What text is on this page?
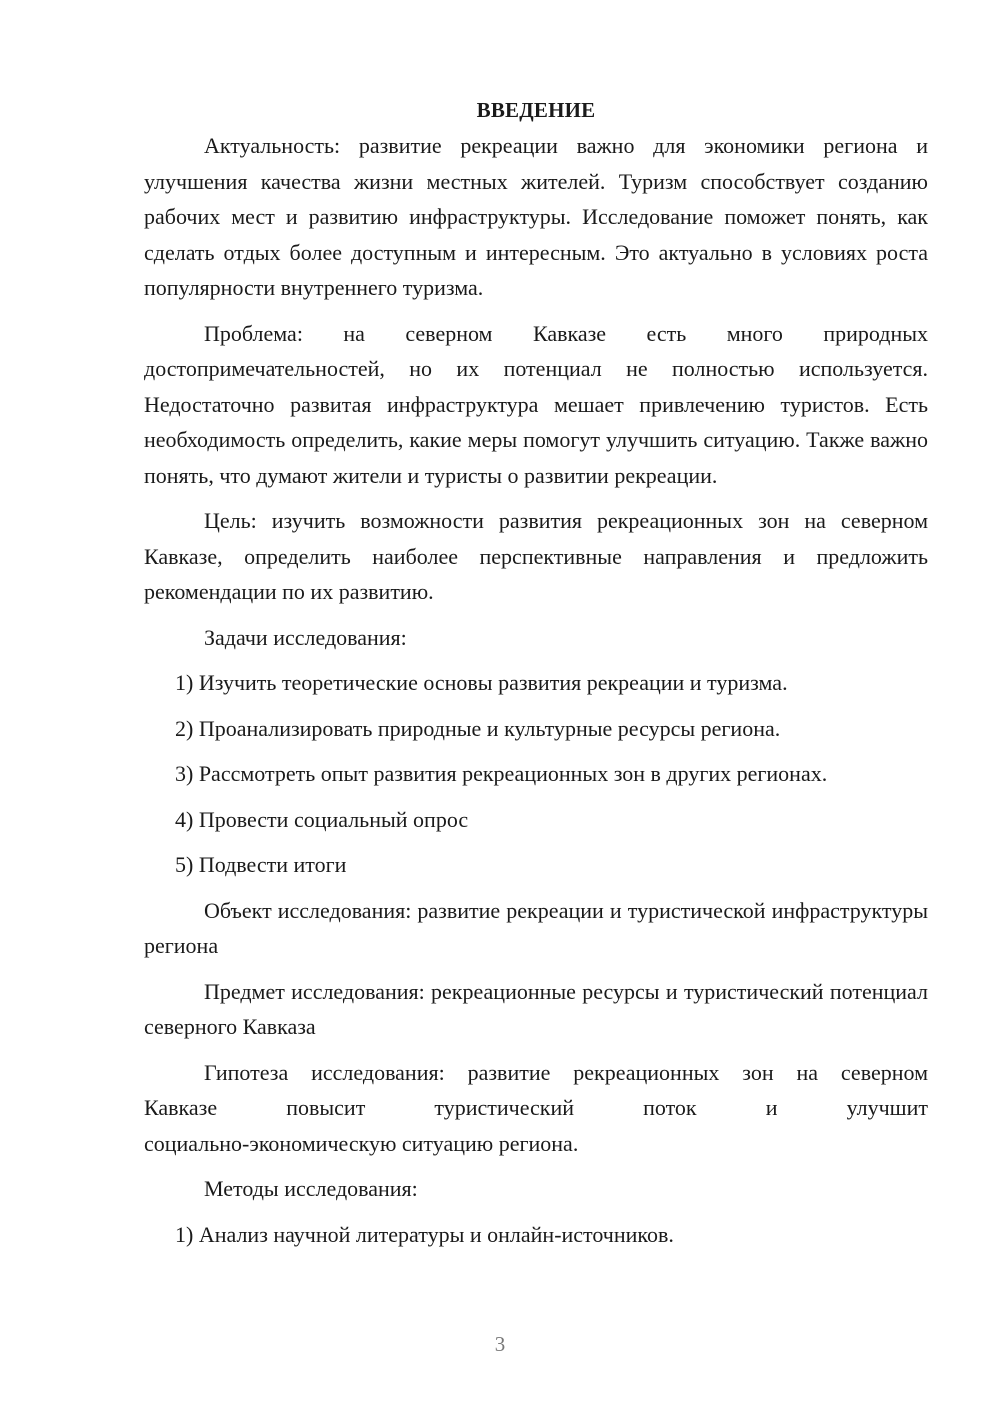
ВВЕДЕНИЕ

Актуальность: развитие рекреации важно для экономики региона и улучшения качества жизни местных жителей. Туризм способствует созданию рабочих мест и развитию инфраструктуры. Исследование поможет понять, как сделать отдых более доступным и интересным. Это актуально в условиях роста популярности внутреннего туризма.

Проблема: на северном Кавказе есть много природных достопримечательностей, но их потенциал не полностью используется. Недостаточно развитая инфраструктура мешает привлечению туристов. Есть необходимость определить, какие меры помогут улучшить ситуацию. Также важно понять, что думают жители и туристы о развитии рекреации.

Цель: изучить возможности развития рекреационных зон на северном Кавказе, определить наиболее перспективные направления и предложить рекомендации по их развитию.

Задачи исследования:

1) Изучить теоретические основы развития рекреации и туризма.

2) Проанализировать природные и культурные ресурсы региона.

3) Рассмотреть опыт развития рекреационных зон в других регионах.

4) Провести социальный опрос

5) Подвести итоги

Объект исследования: развитие рекреации и туристической инфраструктуры региона

Предмет исследования: рекреационные ресурсы и туристический потенциал северного Кавказа

Гипотеза исследования: развитие рекреационных зон на северном
Кавказе повысит туристический поток и улучшит
социально-экономическую ситуацию региона.

Методы исследования:

1) Анализ научной литературы и онлайн-источников.

3
